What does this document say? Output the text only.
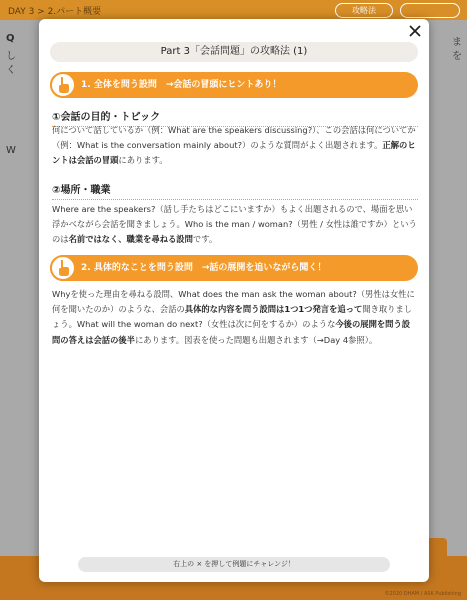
DAY 3 > 2.パート概要	攻略法
Q
し
く
W
ま
を
©2020 DHAM / ASK Publishing
Part 3「会話問題」の攻略法 (1)
1. 全体を問う設問　→会話の冒頭にヒントあり！
①会話の目的・トピック
何について話しているか（例：What are the speakers discussing?）、この会話は何についてか（例：What is the conversation mainly about?）のような質問がよく出題されます。正解のヒントは会話の冒頭にあります。
②場所・職業
Where are the speakers?（話し手たちはどこにいますか）もよく出題されるので、場面を思い浮かべながら会話を聞きましょう。Who is the man / woman?（男性 / 女性は誰ですか）というのは名前ではなく、職業を尋ねる設問です。
2. 具体的なことを問う設問　→話の展開を追いながら聞く！
Whyを使った理由を尋ねる設問、What does the man ask the woman about?（男性は女性に何を聞いたのか）のような、会話の具体的な内容を問う設問は1つ1つ発言を追って聞き取りましょう。What will the woman do next?（女性は次に何をするか）のような今後の展開を問う設問の答えは会話の後半にあります。図表を使った問題も出題されます（→Day 4参照）。
右上の × を押して例題にチャレンジ！
